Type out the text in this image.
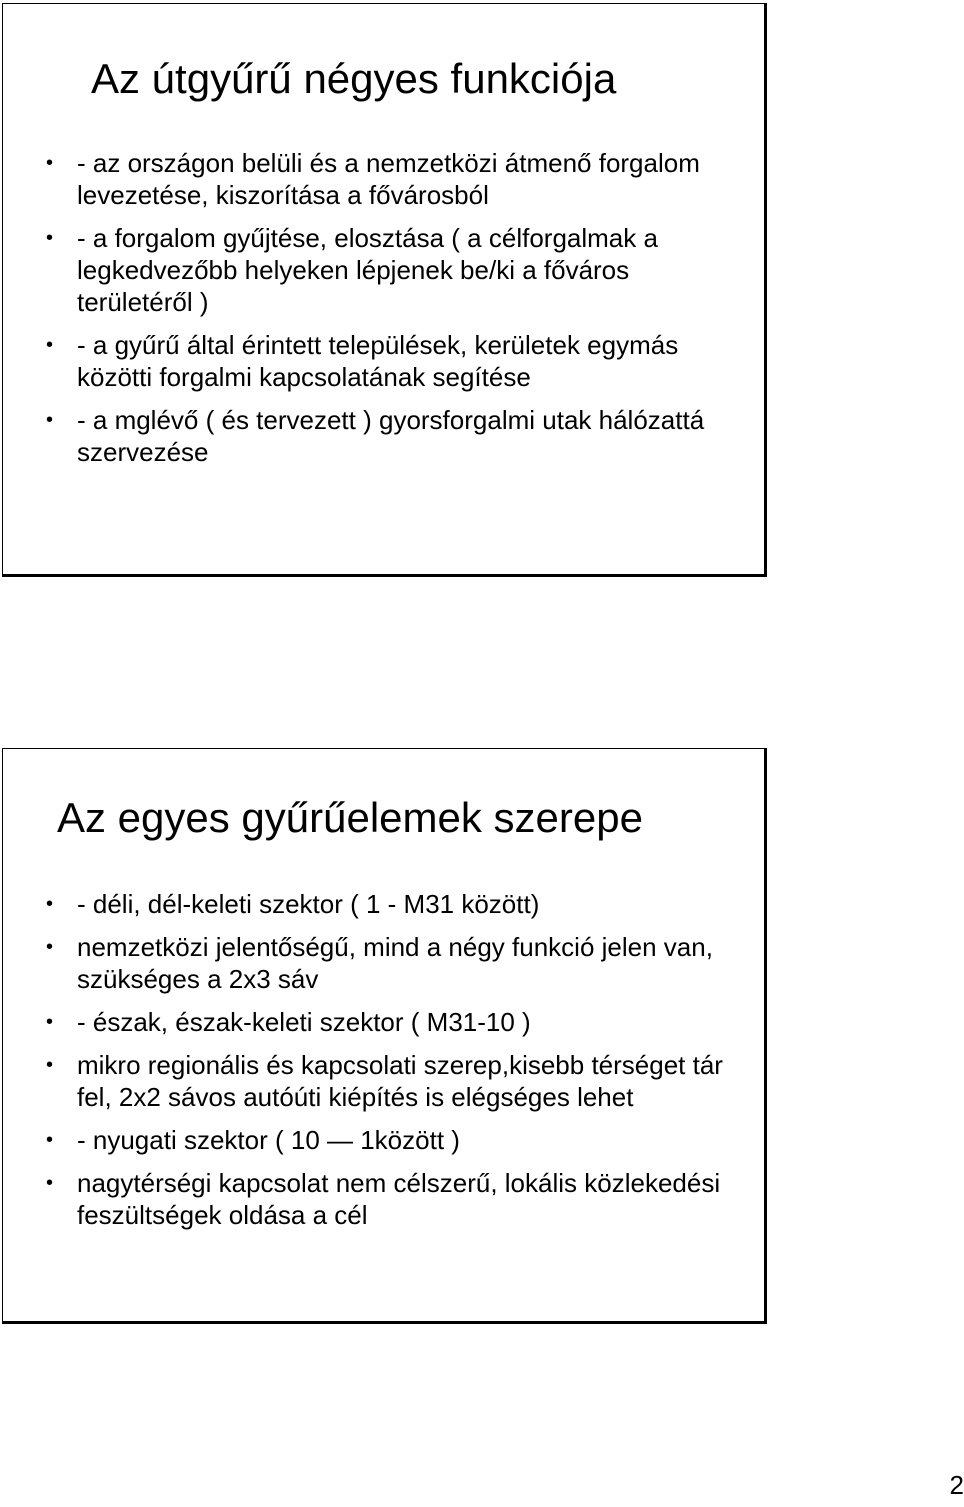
Az útgyűrű négyes funkciója
• - az országon belüli és a nemzetközi átmenő forgalom levezetése, kiszorítása a fővárosból
• - a forgalom gyűjtése, elosztása ( a célforgalmak a legkedvezőbb helyeken lépjenek be/ki a főváros területéről )
• - a gyűrű által érintett települések, kerületek egymás közötti forgalmi kapcsolatának segítése
• - a mglévő ( és tervezett ) gyorsforgalmi utak hálózattá szervezése
Az egyes gyűrűelemek szerepe
• - déli, dél-keleti szektor ( 1 - M31 között)
• nemzetközi jelentőségű, mind a négy funkció jelen van, szükséges a 2x3 sáv
• - észak, észak-keleti szektor ( M31-10 )
• mikro regionális és kapcsolati szerep,kisebb térséget tár fel, 2x2 sávos autóúti kiépítés is elégséges lehet
• - nyugati szektor ( 10 — 1között )
• nagytérségi kapcsolat nem célszerű, lokális közlekedési feszültségek oldása a cél
2
